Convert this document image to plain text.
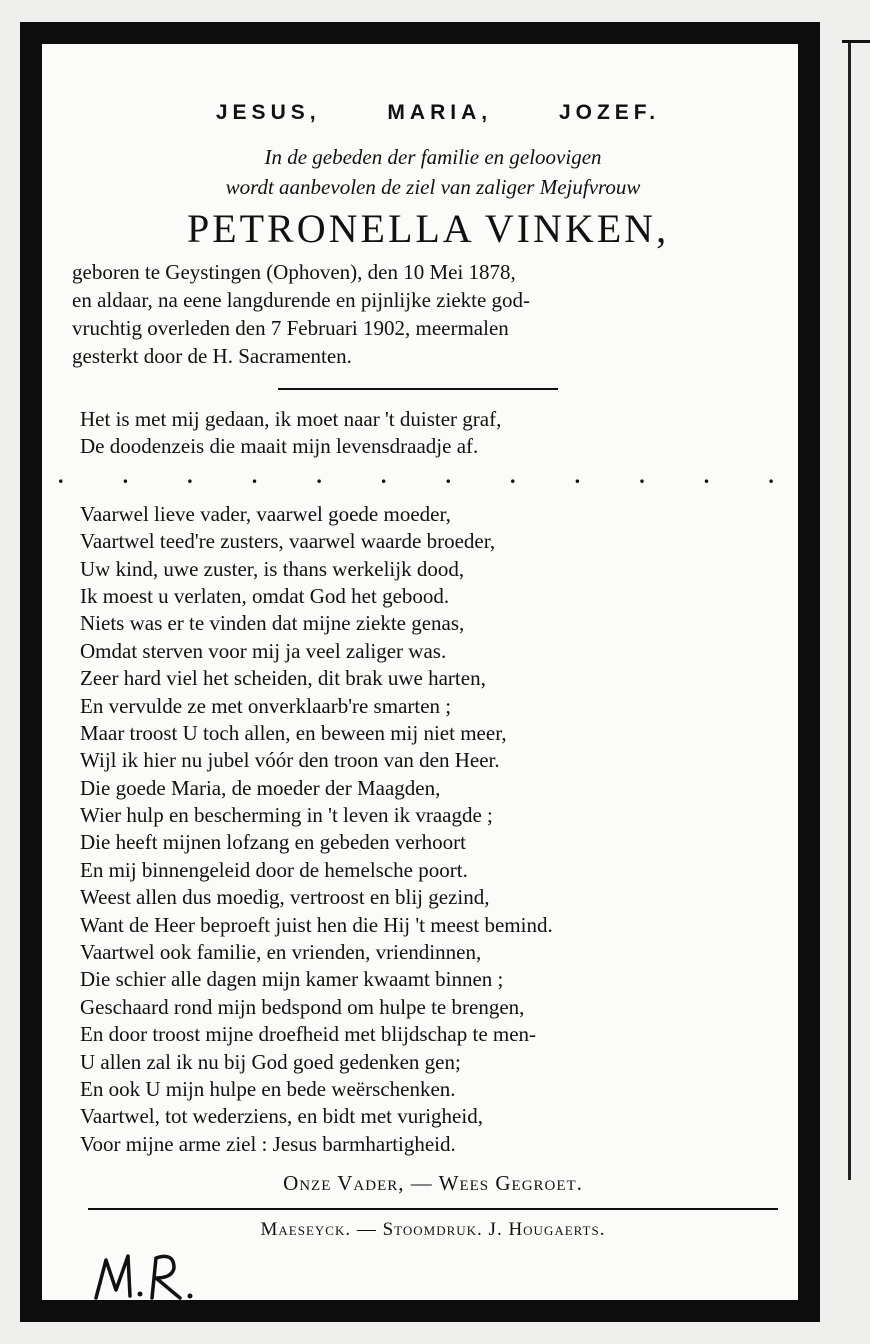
JESUS,	MARIA,	JOZEF.
In de gebeden der familie en geloovigen
wordt aanbevolen de ziel van zaliger Mejufvrouw
PETRONELLA VINKEN,
geboren te Geystingen (Ophoven), den 10 Mei 1878,
en aldaar, na eene langdurende en pijnlijke ziekte god-
vruchtig overleden den 7 Februari 1902, meermalen
gesterkt door de H. Sacramenten.
Het is met mij gedaan, ik moet naar 't duister graf,
De doodenzeis die maait mijn levensdraadje af.
.	.	.	.	.	.	.	.	.	.	.	.
Vaarwel lieve vader, vaarwel goede moeder,
Vaartwel teed're zusters, vaarwel waarde broeder,
Uw kind, uwe zuster, is thans werkelijk dood,
Ik moest u verlaten, omdat God het gebood.
Niets was er te vinden dat mijne ziekte genas,
Omdat sterven voor mij ja veel zaliger was.
Zeer hard viel het scheiden, dit brak uwe harten,
En vervulde ze met onverklaarb're smarten ;
Maar troost U toch allen, en beween mij niet meer,
Wijl ik hier nu jubel vóór den troon van den Heer.
Die goede Maria, de moeder der Maagden,
Wier hulp en bescherming in 't leven ik vraagde ;
Die heeft mijnen lofzang en gebeden verhoort
En mij binnengeleid door de hemelsche poort.
Weest allen dus moedig, vertroost en blij gezind,
Want de Heer beproeft juist hen die Hij 't meest bemind.
Vaartwel ook familie, en vrienden, vriendinnen,
Die schier alle dagen mijn kamer kwaamt binnen ;
Geschaard rond mijn bedspond om hulpe te brengen,
En door troost mijne droefheid met blijdschap te men-
U allen zal ik nu bij God goed gedenken gen;
En ook U mijn hulpe en bede weërschenken.
Vaartwel, tot wederziens, en bidt met vurigheid,
Voor mijne arme ziel : Jesus barmhartigheid.
Onze Vader, — Wees Gegroet.
Maeseyck. — Stoomdruk. J. Hougaerts.
